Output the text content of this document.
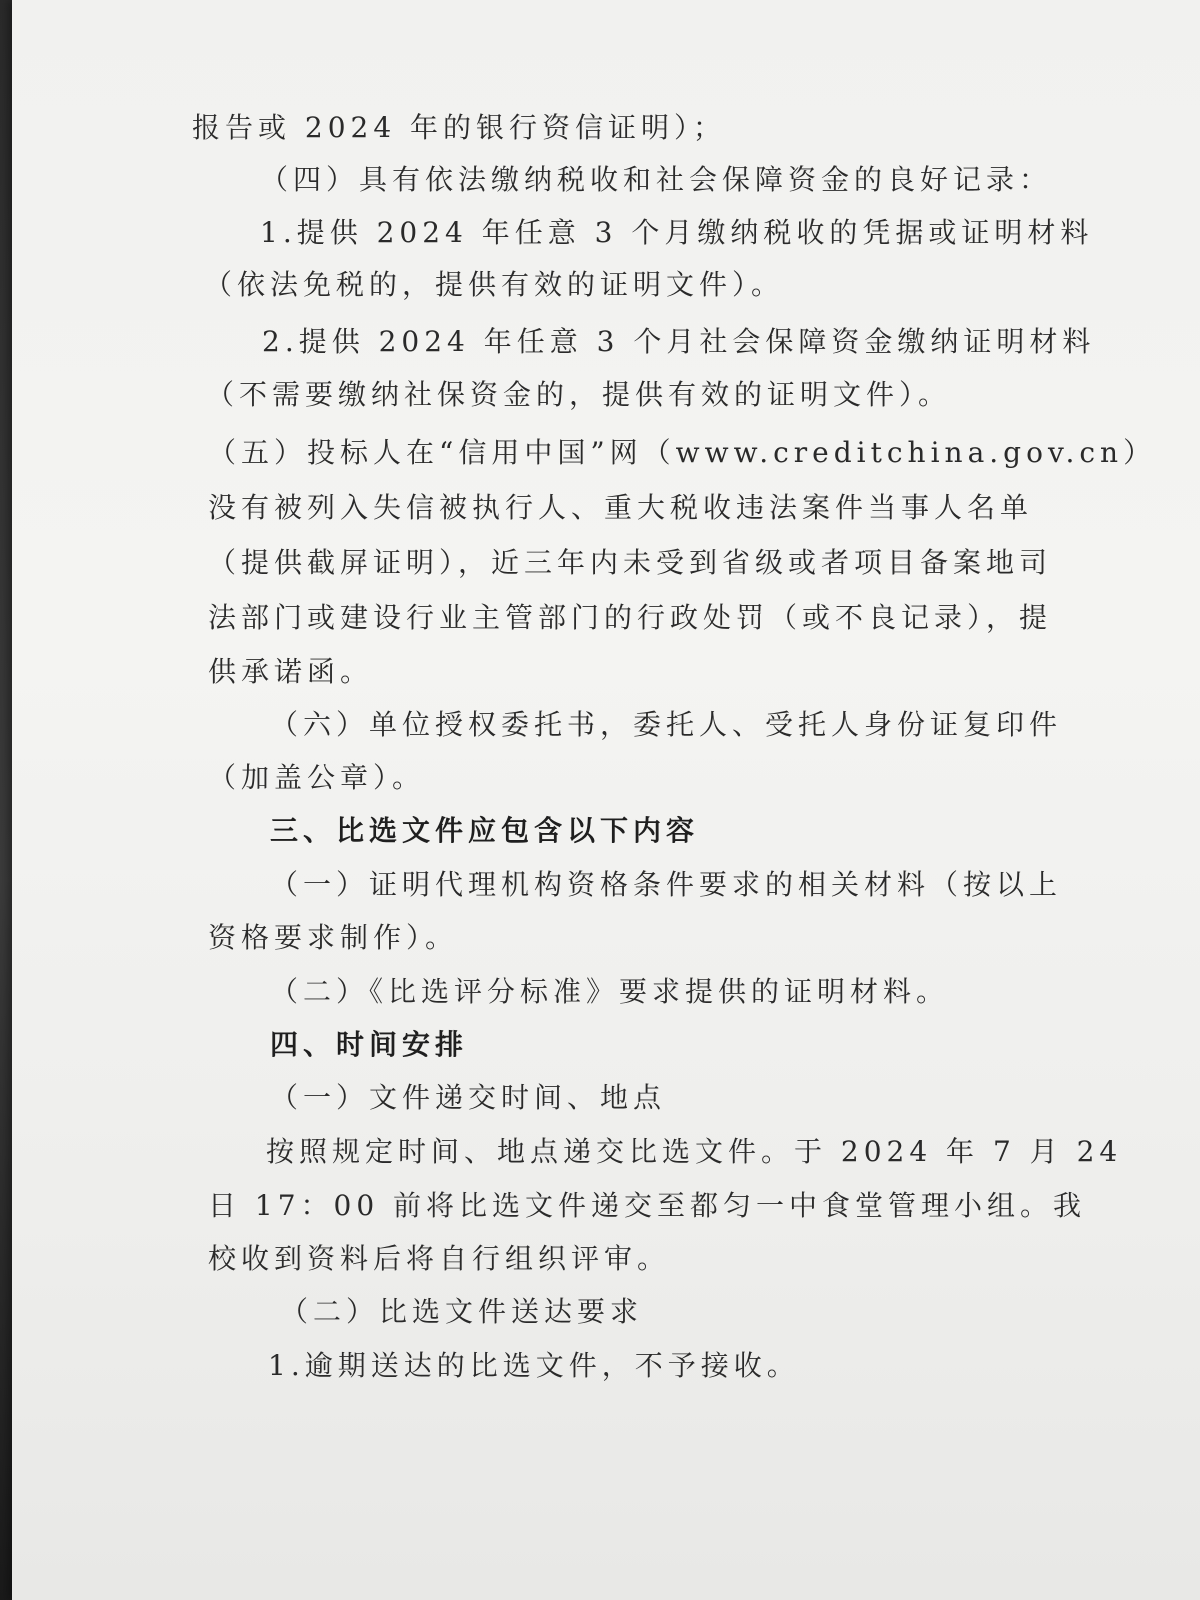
报告或 2024 年的银行资信证明）；
（四）具有依法缴纳税收和社会保障资金的良好记录：
1.提供 2024 年任意 3 个月缴纳税收的凭据或证明材料
（依法免税的，提供有效的证明文件）。
2.提供 2024 年任意 3 个月社会保障资金缴纳证明材料
（不需要缴纳社保资金的，提供有效的证明文件）。
（五）投标人在“信用中国”网（www.creditchina.gov.cn）
没有被列入失信被执行人、重大税收违法案件当事人名单
（提供截屏证明），近三年内未受到省级或者项目备案地司
法部门或建设行业主管部门的行政处罚（或不良记录），提
供承诺函。
（六）单位授权委托书，委托人、受托人身份证复印件
（加盖公章）。
三、比选文件应包含以下内容
（一）证明代理机构资格条件要求的相关材料（按以上
资格要求制作）。
（二）《比选评分标准》要求提供的证明材料。
四、时间安排
（一）文件递交时间、地点
按照规定时间、地点递交比选文件。于 2024 年 7 月 24
日 17：00 前将比选文件递交至都匀一中食堂管理小组。我
校收到资料后将自行组织评审。
（二）比选文件送达要求
1.逾期送达的比选文件，不予接收。
